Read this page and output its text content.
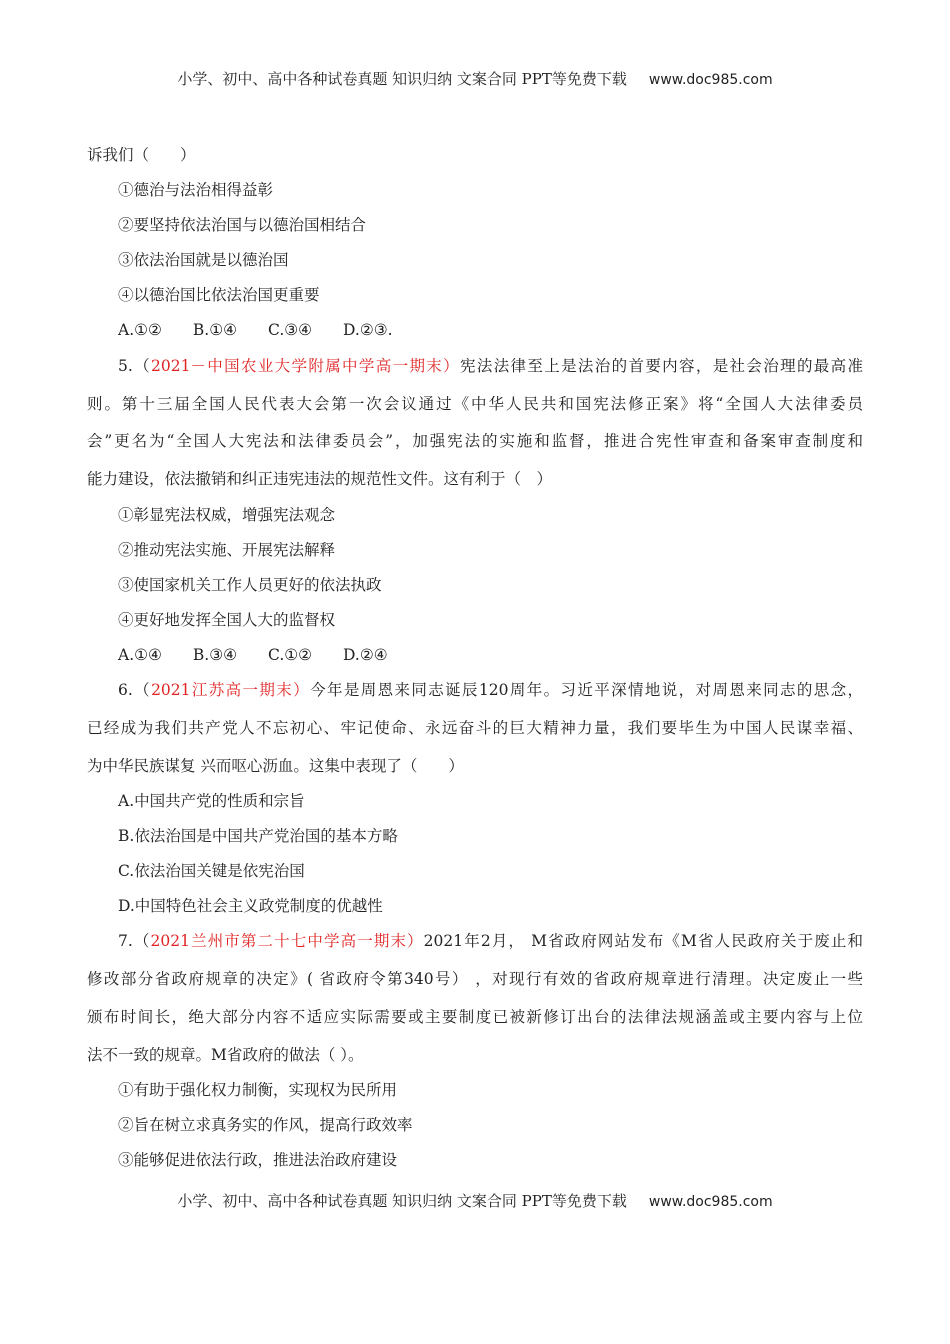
小学、初中、高中各种试卷真题 知识归纳 文案合同 PPT等免费下载 www.doc985.com
诉我们（　　）
①德治与法治相得益彰
②要坚持依法治国与以德治国相结合
③依法治国就是以德治国
④以德治国比依法治国更重要
A.①②　　B.①④　　C.③④　　D.②③.
5.（2021－中国农业大学附属中学高一期末）宪法法律至上是法治的首要内容，是社会治理的最高准
则。第十三届全国人民代表大会第一次会议通过《中华人民共和国宪法修正案》将“全国人大法律委员
会”更名为“全国人大宪法和法律委员会”，加强宪法的实施和监督，推进合宪性审查和备案审查制度和
能力建设，依法撤销和纠正违宪违法的规范性文件。这有利于（　）
①彰显宪法权威，增强宪法观念
②推动宪法实施、开展宪法解释
③使国家机关工作人员更好的依法执政
④更好地发挥全国人大的监督权
A.①④　　B.③④　　C.①②　　D.②④
6.（2021江苏高一期末）今年是周恩来同志诞辰120周年。习近平深情地说，对周恩来同志的思念，
已经成为我们共产党人不忘初心、牢记使命、永远奋斗的巨大精神力量，我们要毕生为中国人民谋幸福、
为中华民族谋复 兴而呕心沥血。这集中表现了（　　）
A.中国共产党的性质和宗旨
B.依法治国是中国共产党治国的基本方略
C.依法治国关键是依宪治国
D.中国特色社会主义政党制度的优越性
7.（2021兰州市第二十七中学高一期末）2021年2月， M省政府网站发布《M省人民政府关于废止和
修改部分省政府规章的决定》( 省政府令第340号） ，对现行有效的省政府规章进行清理。决定废止一些
颁布时间长，绝大部分内容不适应实际需要或主要制度已被新修订出台的法律法规涵盖或主要内容与上位
法不一致的规章。M省政府的做法（ ）。
①有助于强化权力制衡，实现权为民所用
②旨在树立求真务实的作风，提高行政效率
③能够促进依法行政，推进法治政府建设
小学、初中、高中各种试卷真题 知识归纳 文案合同 PPT等免费下载 www.doc985.com
